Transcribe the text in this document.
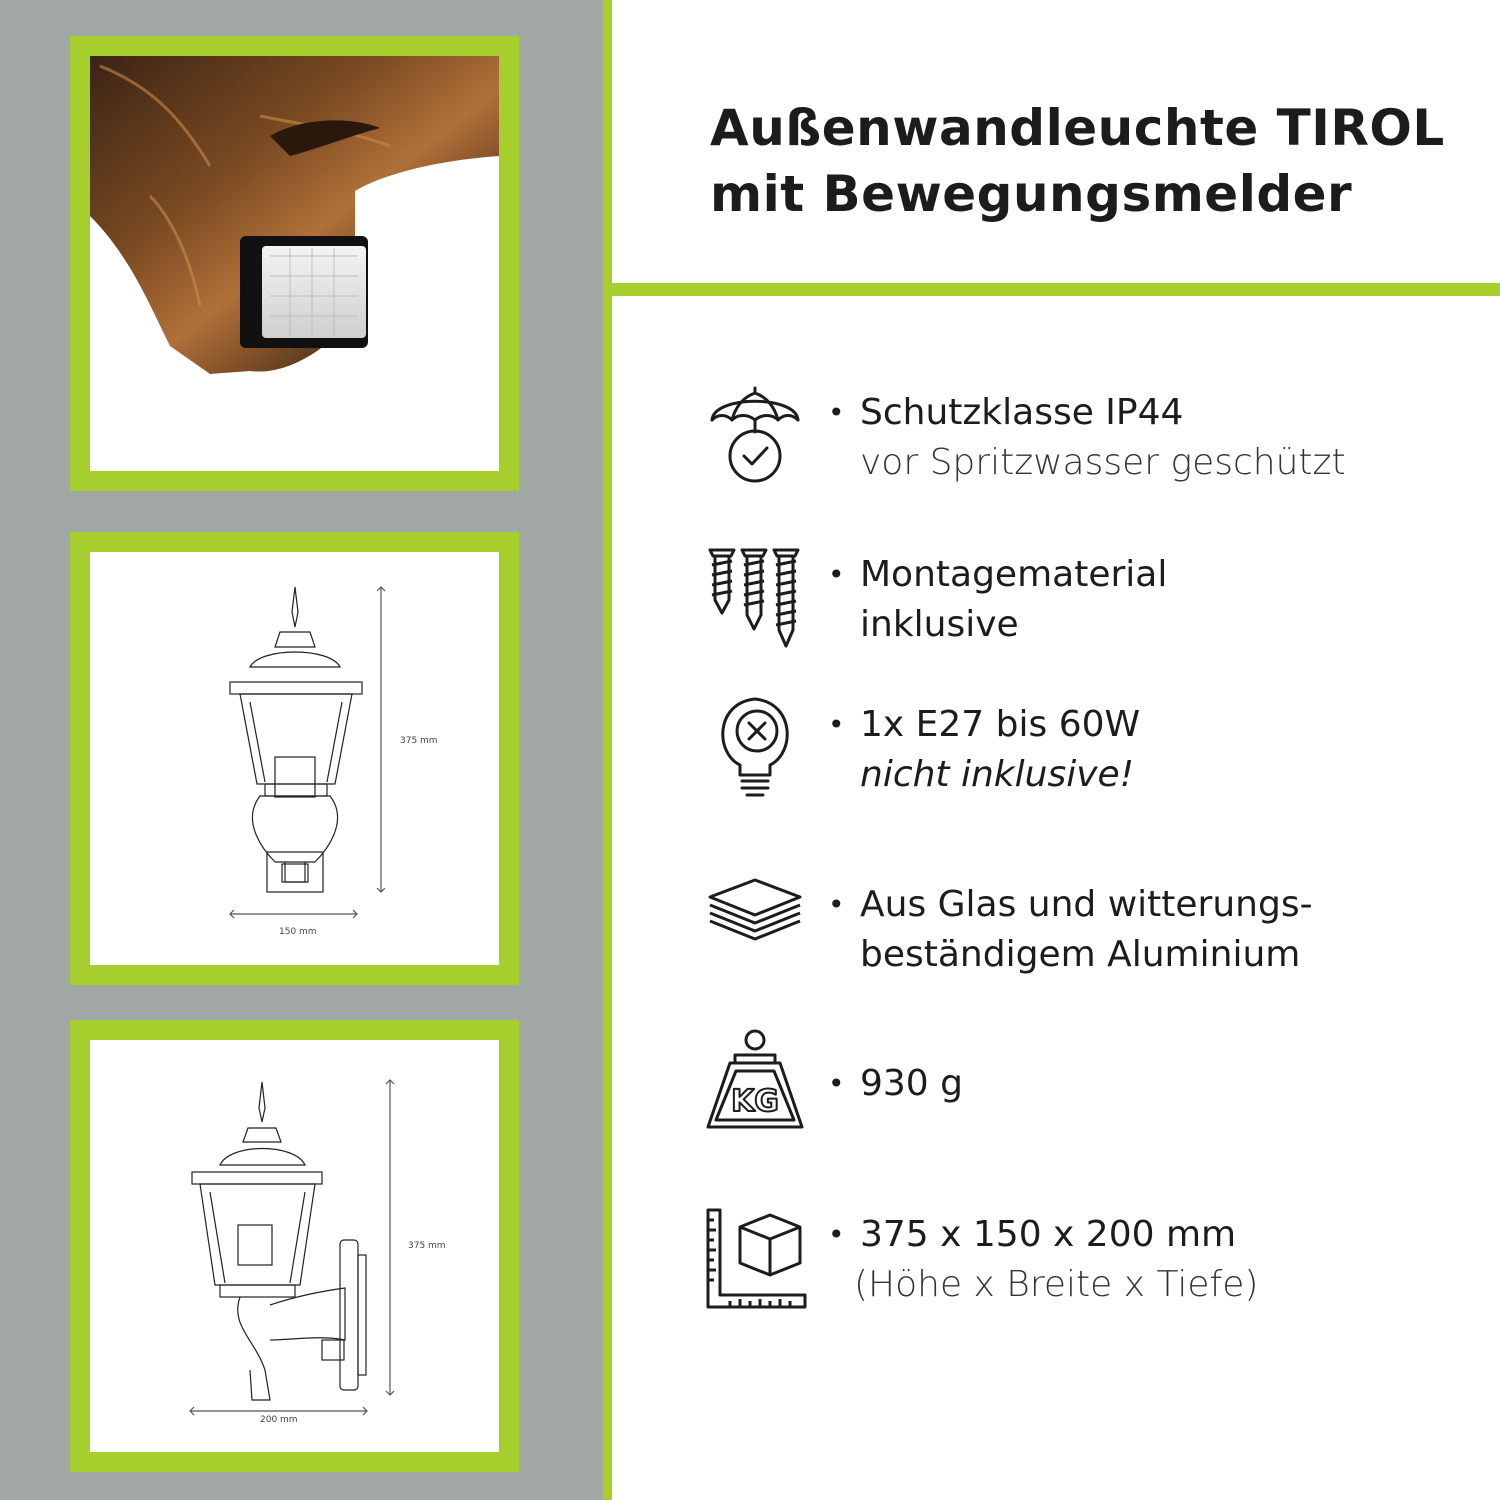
375 mm
150 mm
375 mm
200 mm
Außenwandleuchte TIROL
mit Bewegungsmelder
• Schutzklasse IP44
vor Spritzwasser geschützt
• Montagematerial
inklusive
• 1x E27 bis 60W
nicht inklusive!
• Aus Glas und witterungs-
beständigem Aluminium
KG
• 930 g
• 375 x 150 x 200 mm
(Höhe x Breite x Tiefe)
